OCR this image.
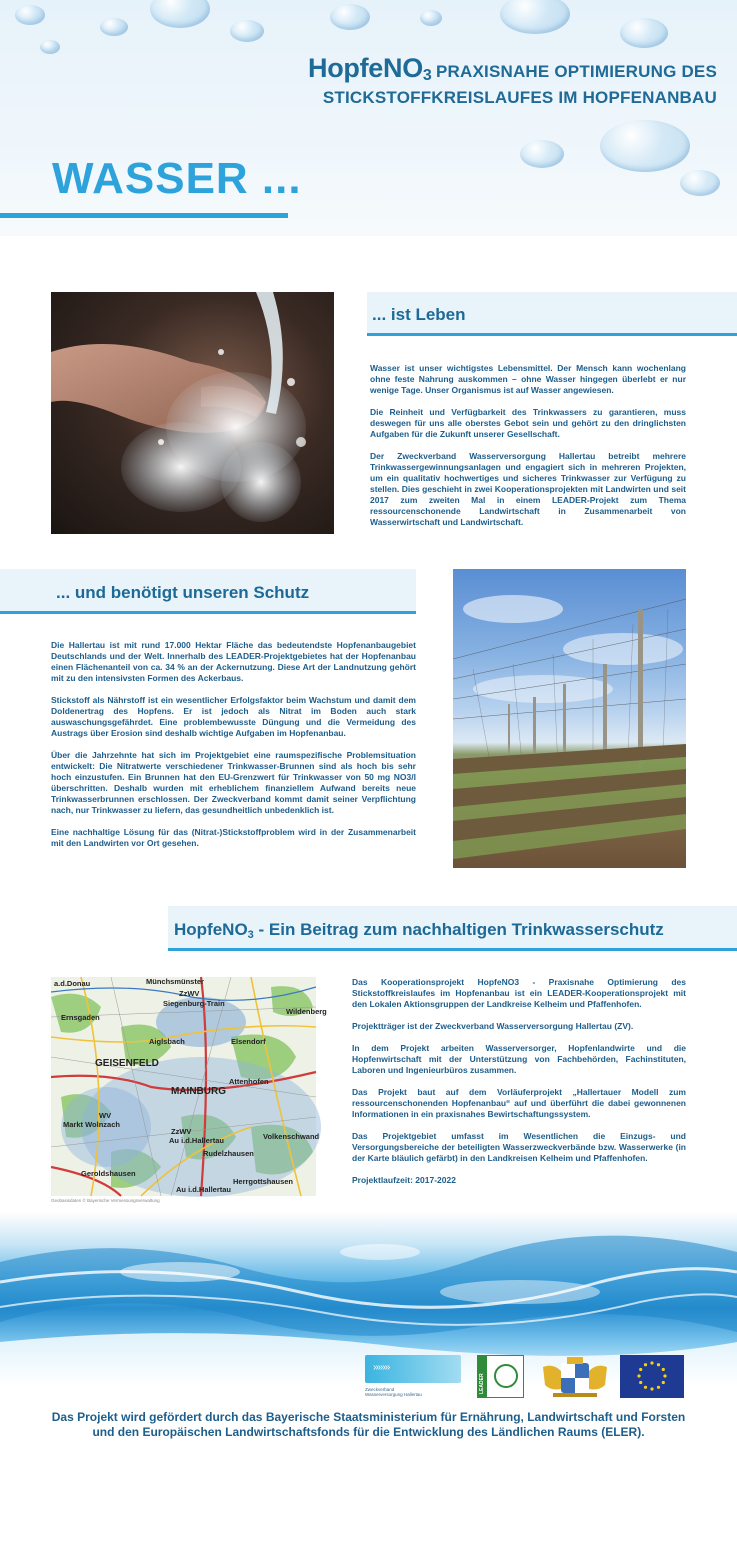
HopfeNO$_3$ PRAXISNAHE OPTIMIERUNG DES
STICKSTOFFKREISLAUFES IM HOPFENANBAU
WASSER ...
... ist Leben

Wasser ist unser wichtigstes Lebensmittel. Der Mensch kann wochenlang ohne feste Nahrung auskommen – ohne Wasser hingegen überlebt er nur wenige Tage. Unser Organismus ist auf Wasser angewiesen.

Die Reinheit und Verfügbarkeit des Trinkwassers zu garantieren, muss deswegen für uns alle oberstes Gebot sein und gehört zu den dringlichsten Aufgaben für die Zukunft unserer Gesellschaft.

Der Zweckverband Wasserversorgung Hallertau betreibt mehrere Trinkwassergewinnungsanlagen und engagiert sich in mehreren Projekten, um ein qualitativ hochwertiges und sicheres Trinkwasser zur Verfügung zu stellen. Dies geschieht in zwei Kooperationsprojekten mit Landwirten und seit 2017 zum zweiten Mal in einem LEADER-Projekt zum Thema ressourcenschonende Landwirtschaft in Zusammenarbeit von Wasserwirtschaft und Landwirtschaft.

... und benötigt unseren Schutz

Die Hallertau ist mit rund 17.000 Hektar Fläche das bedeutendste Hopfenanbaugebiet Deutschlands und der Welt. Innerhalb des LEADER-Projektgebietes hat der Hopfenanbau einen Flächenanteil von ca. 34 % an der Ackernutzung. Diese Art der Landnutzung gehört mit zu den intensivsten Formen des Ackerbaus.

Stickstoff als Nährstoff ist ein wesentlicher Erfolgsfaktor beim Wachstum und damit dem Doldenertrag des Hopfens. Er ist jedoch als Nitrat im Boden auch stark auswaschungsgefährdet. Eine problembewusste Düngung und die Vermeidung des Austrags über Erosion sind deshalb wichtige Aufgaben im Hopfenanbau.

Über die Jahrzehnte hat sich im Projektgebiet eine raumspezifische Problemsituation entwickelt: Die Nitratwerte verschiedener Trinkwasser-Brunnen sind als hoch bis sehr hoch einzustufen. Ein Brunnen hat den EU-Grenzwert für Trinkwasser von 50 mg NO3/l überschritten. Deshalb wurden mit erheblichem finanziellem Aufwand bereits neue Trinkwasserbrunnen erschlossen. Der Zweckverband kommt damit seiner Verpflichtung nach, nur Trinkwasser zu liefern, das gesundheitlich unbedenklich ist.

Eine nachhaltige Lösung für das (Nitrat-)Stickstoffproblem wird in der Zusammenarbeit mit den Landwirten vor Ort gesehen.

HopfeNO$_3$ - Ein Beitrag zum nachhaltigen Trinkwasserschutz
a.d.Donau	Münchsmünster
ZzWV
Siegenburg-Train
Wildenberg
Ernsgaden
Aiglsbach	Elsendorf
GEISENFELD
MAINBURG
Attenhofen
WV
Markt Wolnzach
ZzWV
Au i.d.Hallertau
Rudelzhausen
Volkenschwand
Herrgottshausen
Au i.d.Hallertau
Geroldshausen
Geobasisdaten © Bayerische Vermessungsverwaltung

Das Kooperationsprojekt HopfeNO3 - Praxisnahe Optimierung des Stickstoffkreislaufes im Hopfenanbau ist ein LEADER-Kooperationsprojekt mit den Lokalen Aktionsgruppen der Landkreise Kelheim und Pfaffenhofen.

Projektträger ist der Zweckverband Wasserversorgung Hallertau (ZV).

In dem Projekt arbeiten Wasserversorger, Hopfenlandwirte und die Hopfenwirtschaft mit der Unterstützung von Fachbehörden, Fachinstituten, Laboren und Ingenieurbüros zusammen.

Das Projekt baut auf dem Vorläuferprojekt „Hallertauer Modell zum ressourcenschonenden Hopfenanbau“ auf und überführt die dabei gewonnenen Informationen in ein praxisnahes Bewirtschaftungssystem.

Das Projektgebiet umfasst im Wesentlichen die Einzugs- und Versorgungsbereiche der beteiligten Wasserzweckverbände bzw. Wasserwerke (in der Karte bläulich gefärbt) in den Landkreisen Kelheim und Pfaffenhofen.

Projektlaufzeit: 2017-2022

›››››››
Zweckverband
Wasserversorgung Hallertau
LEADER
Das Projekt wird gefördert durch das Bayerische Staatsministerium für Ernährung, Landwirtschaft und Forsten
und den Europäischen Landwirtschaftsfonds für die Entwicklung des Ländlichen Raums (ELER).
